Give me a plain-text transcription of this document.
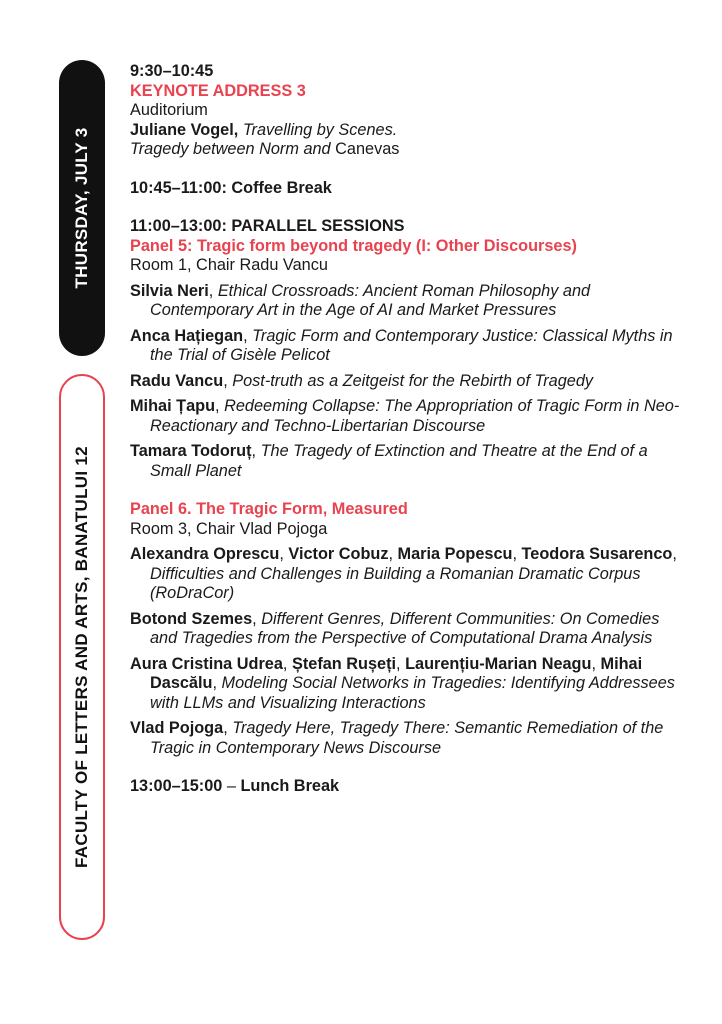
THURSDAY, JULY 3
FACULTY OF LETTERS AND ARTS, BANATULUI 12
9:30–10:45
KEYNOTE ADDRESS 3
Auditorium
Juliane Vogel, Travelling by Scenes.
Tragedy between Norm and Canevas
10:45–11:00: Coffee Break
11:00–13:00: PARALLEL SESSIONS
Panel 5: Tragic form beyond tragedy (I: Other Discourses)
Room 1, Chair Radu Vancu
Silvia Neri, Ethical Crossroads: Ancient Roman Philosophy and Contemporary Art in the Age of AI and Market Pressures
Anca Hațiegan, Tragic Form and Contemporary Justice: Classical Myths in the Trial of Gisèle Pelicot
Radu Vancu, Post-truth as a Zeitgeist for the Rebirth of Tragedy
Mihai Țapu, Redeeming Collapse: The Appropriation of Tragic Form in Neo-Reactionary and Techno-Libertarian Discourse
Tamara Todoruț, The Tragedy of Extinction and Theatre at the End of a Small Planet
Panel 6. The Tragic Form, Measured
Room 3, Chair Vlad Pojoga
Alexandra Oprescu, Victor Cobuz, Maria Popescu, Teodora Susarenco, Difficulties and Challenges in Building a Romanian Dramatic Corpus (RoDraCor)
Botond Szemes, Different Genres, Different Communities: On Comedies and Tragedies from the Perspective of Computational Drama Analysis
Aura Cristina Udrea, Ștefan Rușeți, Laurențiu-Marian Neagu, Mihai Dascălu, Modeling Social Networks in Tragedies: Identifying Addressees with LLMs and Visualizing Interactions
Vlad Pojoga, Tragedy Here, Tragedy There: Semantic Remediation of the Tragic in Contemporary News Discourse
13:00–15:00 – Lunch Break
